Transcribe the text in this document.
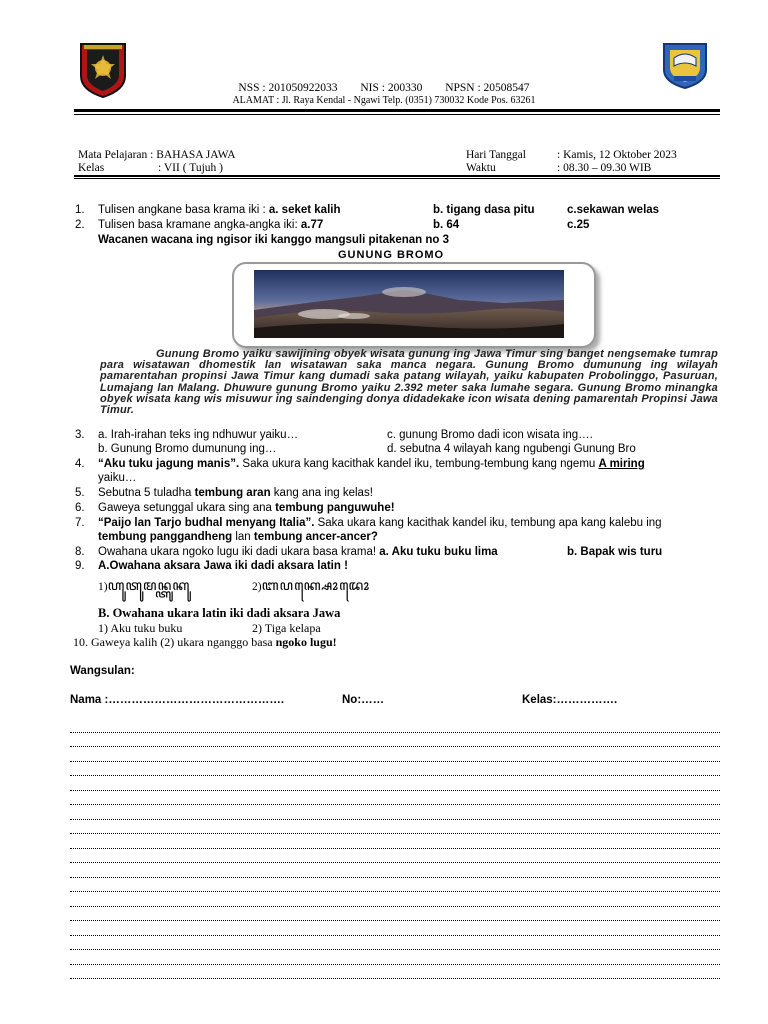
NSS : 201050922033 NIS : 200330 NPSN : 20508547
ALAMAT : Jl. Raya Kendal - Ngawi Telp. (0351) 730032 Kode Pos. 63261
Mata Pelajaran : BAHASA JAWA
Kelas	: VII ( Tujuh )
Hari Tanggal	: Kamis, 12 Oktober 2023
Waktu	: 08.30 – 09.30 WIB
1. Tulisen angkane basa krama iki : a. seket kalih	b. tigang dasa pitu	c.sekawan welas
2. Tulisen basa kramane angka-angka iki: a.77	b. 64	c.25
Wacanen wacana ing ngisor iki kanggo mangsuli pitakenan no 3
GUNUNG BROMO
Gunung Bromo yaiku sawijining obyek wisata gunung ing Jawa Timur sing banget nengsemake tumrap para wisatawan dhomestik lan wisatawan saka manca negara. Gunung Bromo dumunung ing wilayah pamarentahan propinsi Jawa Timur kang dumadi saka patang wilayah, yaiku kabupaten Probolinggo, Pasuruan, Lumajang lan Malang. Dhuwure gunung Bromo yaiku 2.392 meter saka lumahe segara. Gunung Bromo minangka obyek wisata kang wis misuwur ing saindenging donya didadekake icon wisata dening pamarentah Propinsi Jawa Timur.
3. a. Irah-irahan teks ing ndhuwur yaiku…	c. gunung Bromo dadi icon wisata ing….
b. Gunung Bromo dumunung ing…	d. sebutna 4 wilayah kang ngubengi Gunung Bro
4. “Aku tuku jagung manis”. Saka ukura kang kacithak kandel iku, tembung-tembung kang ngemu A miring
yaiku…
5. Sebutna 5 tuladha tembung aran kang ana ing kelas!
6. Gaweya setunggal ukara sing ana tembung panguwuhe!
7. “Paijo lan Tarjo budhal menyang Italia”. Saka ukara kang kacithak kandel iku, tembung apa kang kalebu ing
tembung panggandheng lan tembung ancer-ancer?
8. Owahana ukara ngoko lugu iki dadi ukara basa krama! a. Aku tuku buku lima	b. Bapak wis turu
9. A.Owahana aksara Jawa iki dadi aksara latin !
1)ꦲꦸꦠꦸꦩꦤ꧀ꦠꦸꦏꦸ	2)ꦧꦥꦏ꧀ꦱꦺꦴꦢꦺꦴ
B. Owahana ukara latin iki dadi aksara Jawa
1) Aku tuku buku	2) Tiga kelapa
10. Gaweya kalih (2) ukara nganggo basa ngoko lugu!
Wangsulan:
Nama :……………………………………….	No:……	Kelas:…………….
